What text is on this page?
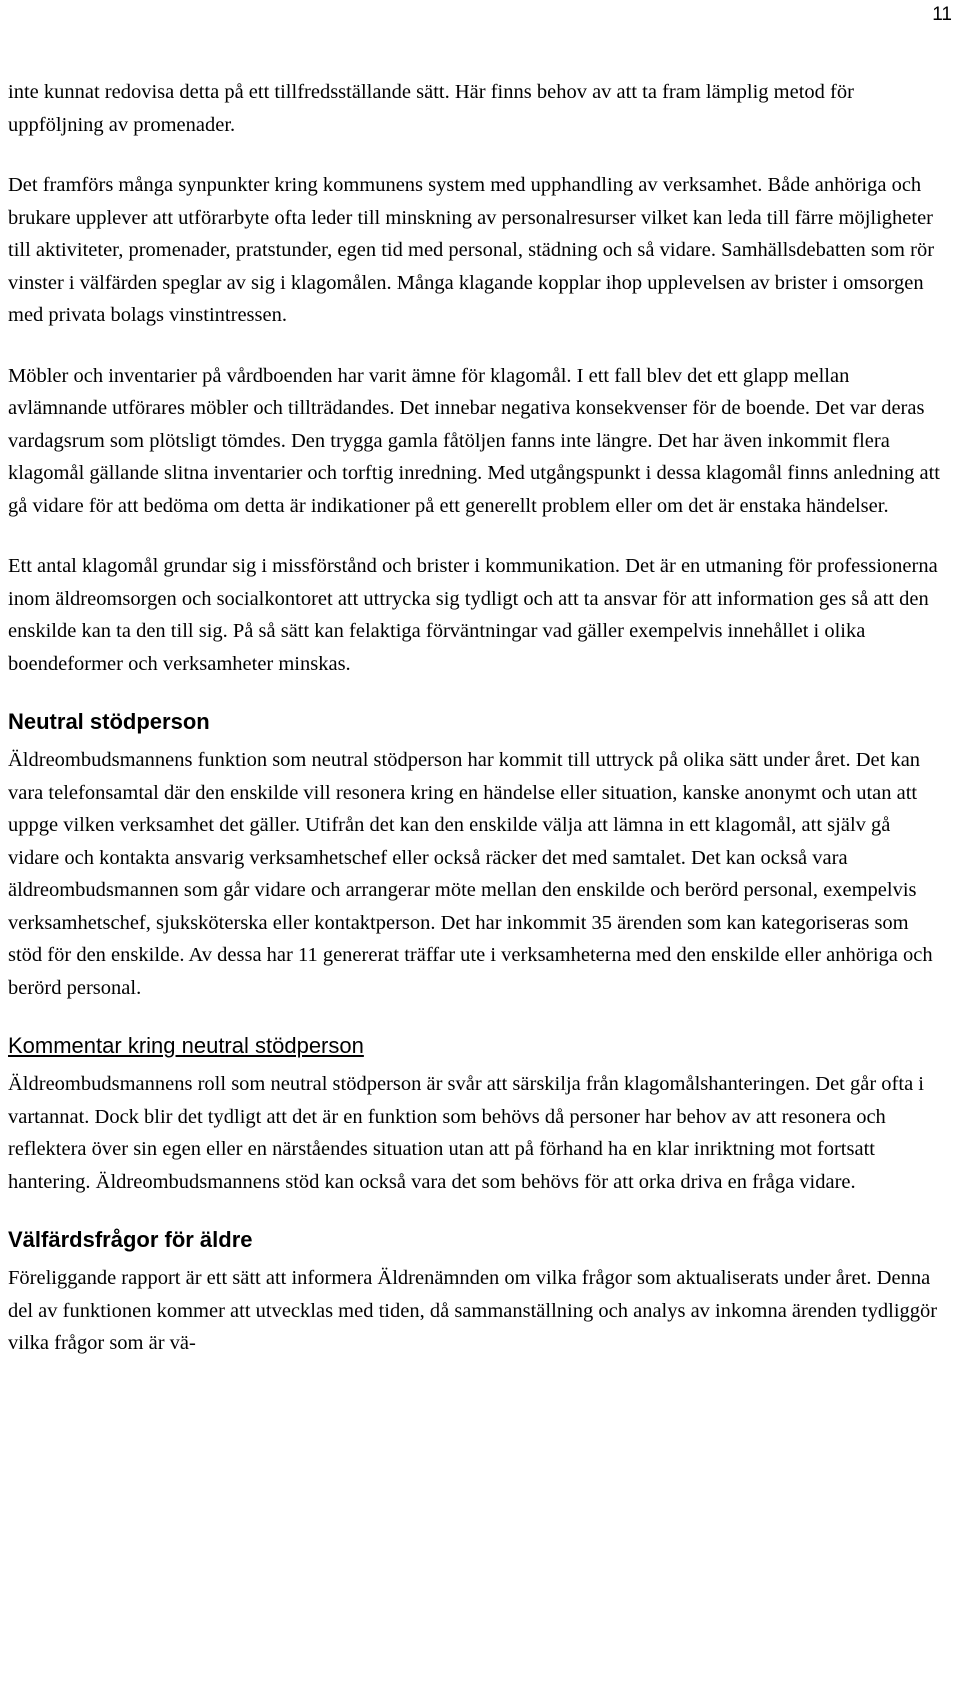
11

inte kunnat redovisa detta på ett tillfredsställande sätt. Här finns behov av att ta fram lämplig metod för uppföljning av promenader.

Det framförs många synpunkter kring kommunens system med upphandling av verksamhet. Både anhöriga och brukare upplever att utförarbyte ofta leder till minskning av personalresurser vilket kan leda till färre möjligheter till aktiviteter, promenader, pratstunder, egen tid med personal, städning och så vidare. Samhällsdebatten som rör vinster i välfärden speglar av sig i klagomålen. Många klagande kopplar ihop upplevelsen av brister i omsorgen med privata bolags vinstintressen.

Möbler och inventarier på vårdboenden har varit ämne för klagomål. I ett fall blev det ett glapp mellan avlämnande utförares möbler och tillträdandes. Det innebar negativa konsekvenser för de boende. Det var deras vardagsrum som plötsligt tömdes. Den trygga gamla fåtöljen fanns inte längre. Det har även inkommit flera klagomål gällande slitna inventarier och torftig inredning. Med utgångspunkt i dessa klagomål finns anledning att gå vidare för att bedöma om detta är indikationer på ett generellt problem eller om det är enstaka händelser.

Ett antal klagomål grundar sig i missförstånd och brister i kommunikation. Det är en utmaning för professionerna inom äldreomsorgen och socialkontoret att uttrycka sig tydligt och att ta ansvar för att information ges så att den enskilde kan ta den till sig. På så sätt kan felaktiga förväntningar vad gäller exempelvis innehållet i olika boendeformer och verksamheter minskas.

Neutral stödperson

Äldreombudsmannens funktion som neutral stödperson har kommit till uttryck på olika sätt under året. Det kan vara telefonsamtal där den enskilde vill resonera kring en händelse eller situation, kanske anonymt och utan att uppge vilken verksamhet det gäller. Utifrån det kan den enskilde välja att lämna in ett klagomål, att själv gå vidare och kontakta ansvarig verksamhetschef eller också räcker det med samtalet. Det kan också vara äldreombudsmannen som går vidare och arrangerar möte mellan den enskilde och berörd personal, exempelvis verksamhetschef, sjuksköterska eller kontaktperson. Det har inkommit 35 ärenden som kan kategoriseras som stöd för den enskilde. Av dessa har 11 genererat träffar ute i verksamheterna med den enskilde eller anhöriga och berörd personal.

Kommentar kring neutral stödperson

Äldreombudsmannens roll som neutral stödperson är svår att särskilja från klagomålshanteringen. Det går ofta i vartannat. Dock blir det tydligt att det är en funktion som behövs då personer har behov av att resonera och reflektera över sin egen eller en närståendes situation utan att på förhand ha en klar inriktning mot fortsatt hantering. Äldreombudsmannens stöd kan också vara det som behövs för att orka driva en fråga vidare.

Välfärdsfrågor för äldre

Föreliggande rapport är ett sätt att informera Äldrenämnden om vilka frågor som aktualiserats under året. Denna del av funktionen kommer att utvecklas med tiden, då sammanställning och analys av inkomna ärenden tydliggör vilka frågor som är vä-
